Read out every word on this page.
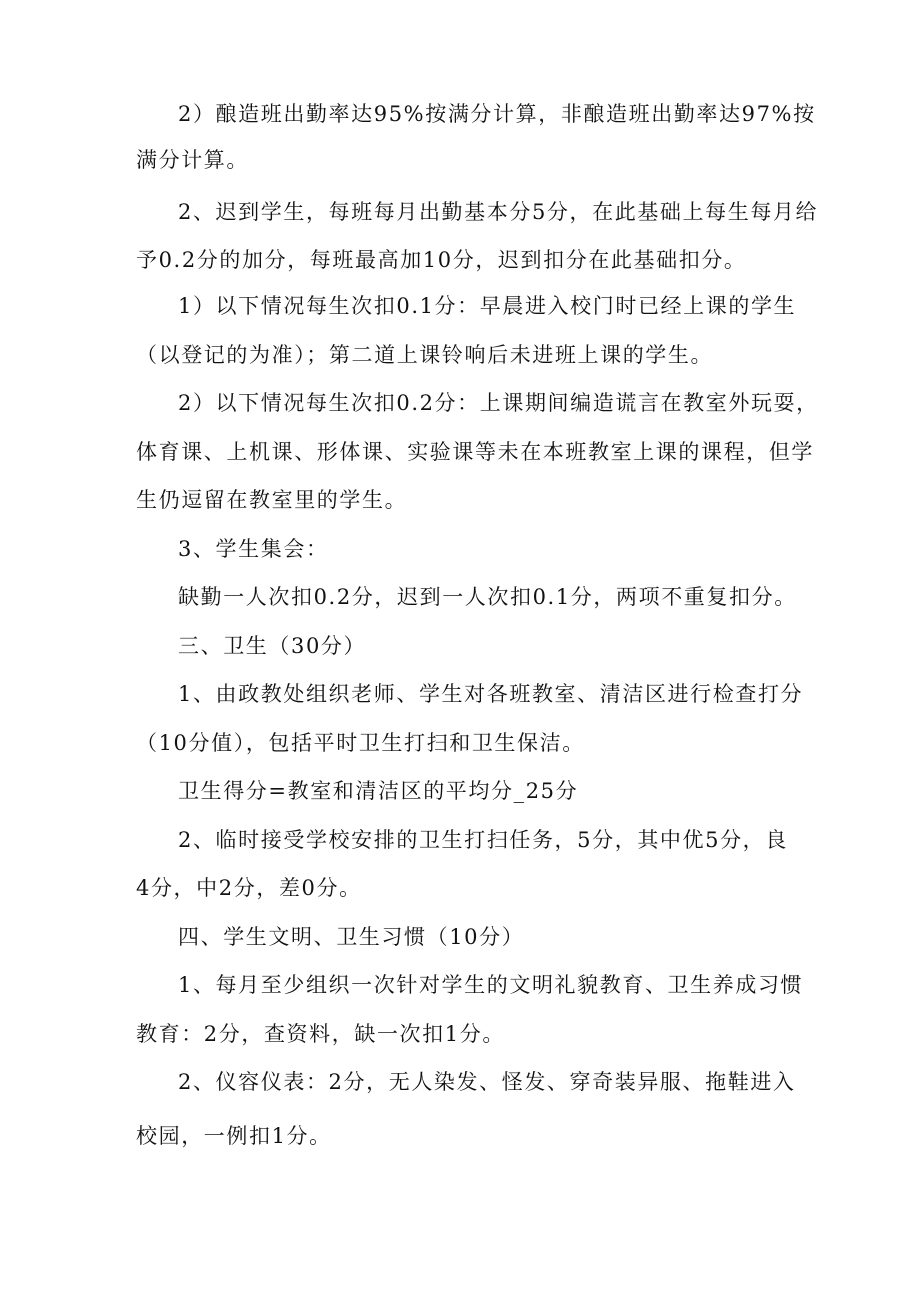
2）酿造班出勤率达95%按满分计算，非酿造班出勤率达97%按
满分计算。
2、迟到学生，每班每月出勤基本分5分，在此基础上每生每月给
予0.2分的加分，每班最高加10分，迟到扣分在此基础扣分。
1）以下情况每生次扣0.1分：早晨进入校门时已经上课的学生
（以登记的为准）；第二道上课铃响后未进班上课的学生。
2）以下情况每生次扣0.2分：上课期间编造谎言在教室外玩耍，
体育课、上机课、形体课、实验课等未在本班教室上课的课程，但学
生仍逗留在教室里的学生。
3、学生集会：
缺勤一人次扣0.2分，迟到一人次扣0.1分，两项不重复扣分。
三、卫生（30分）
1、由政教处组织老师、学生对各班教室、清洁区进行检查打分
（10分值），包括平时卫生打扫和卫生保洁。
卫生得分=教室和清洁区的平均分_25分
2、临时接受学校安排的卫生打扫任务，5分，其中优5分，良
4分，中2分，差0分。
四、学生文明、卫生习惯（10分）
1、每月至少组织一次针对学生的文明礼貌教育、卫生养成习惯
教育：2分，查资料，缺一次扣1分。
2、仪容仪表：2分，无人染发、怪发、穿奇装异服、拖鞋进入
校园，一例扣1分。
